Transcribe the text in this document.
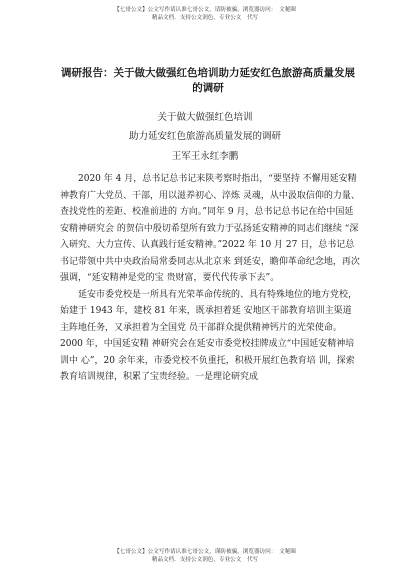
【七哥公文】公文写作请认准七哥公文，请防被骗，浏览器访问：　文秘圈
精品文档．支持公文润色，专业公文　代写
调研报告：关于做大做强红色培训助力延安红色旅游高质量发展的调研
关于做大做强红色培训
助力延安红色旅游高质量发展的调研
王军王永红李鹏

2020 年 4 月，总书记总书记来陕考察时指出，“要坚持 不懈用延安精神教育广大党员、干部，用以滋养初心、淬炼 灵魂，从中汲取信仰的力量、查找党性的差距、校准前进的 方向。”同年 9 月，总书记总书记在给中国延安精神研究会 的贺信中殷切希望所有致力于弘扬延安精神的同志们继续 “深入研究、大力宣传、认真践行延安精神。”2022 年 10 月 27 日，总书记总书记带领中共中央政治局常委同志从北京来 到延安，瞻仰革命纪念地，再次强调，“延安精神是党的宝 贵财富，要代代传承下去”。

延安市委党校是一所具有光荣革命传统的、具有特殊地位的地方党校，始建于 1943 年，建校 81 年来，既承担着延 安地区干部教育培训主渠道主阵地任务，又承担着为全国党 员干部群众提供精神钙片的光荣使命。2000 年，中国延安精 神研究会在延安市委党校挂牌成立“中国延安精神培训中 心”，20 余年来，市委党校不负重托，积极开展红色教育培 训，探索教育培训规律，积累了宝贵经验。一是理论研究成

【七哥公文】公文写作请认准七哥公文，谨防被骗，浏览器访问：　文秘圈
精品文档．支持公文润色，专业公文　代写
